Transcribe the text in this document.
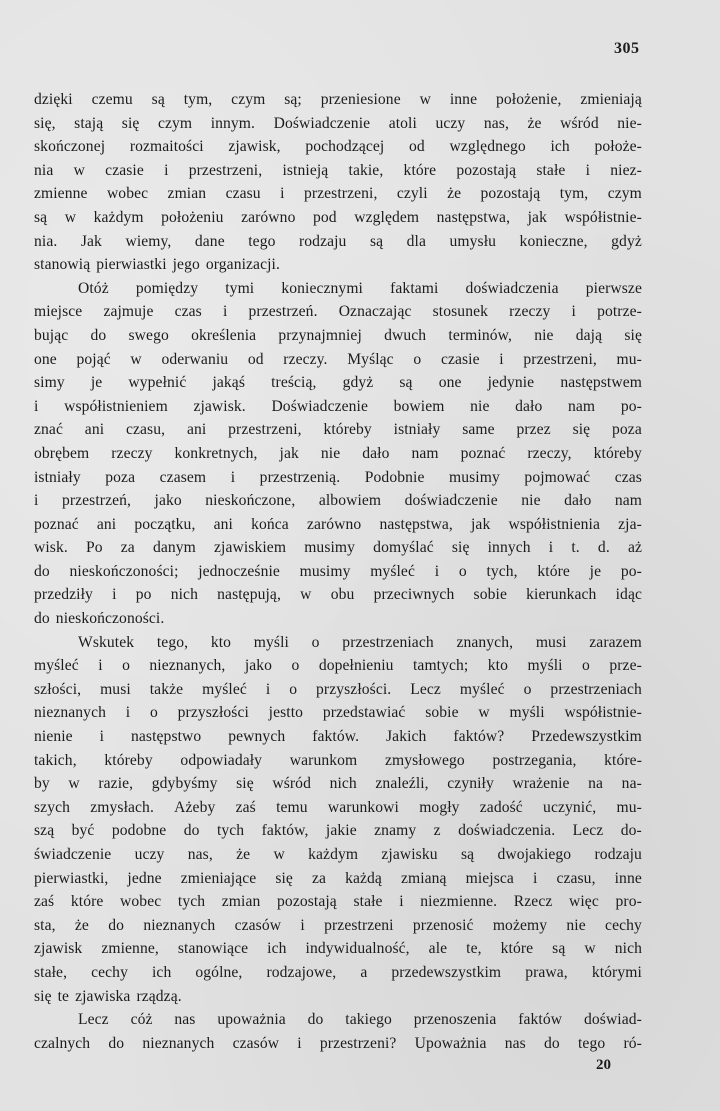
305
dzięki czemu są tym, czym są; przeniesione w inne położenie, zmieniają
się, stają się czym innym. Doświadczenie atoli uczy nas, że wśród nie-
skończonej rozmaitości zjawisk, pochodzącej od względnego ich położe-
nia w czasie i przestrzeni, istnieją takie, które pozostają stałe i niez-
zmienne wobec zmian czasu i przestrzeni, czyli że pozostają tym, czym
są w każdym położeniu zarówno pod względem następstwa, jak współistnie-
nia. Jak wiemy, dane tego rodzaju są dla umysłu konieczne, gdyż
stanowią pierwiastki jego organizacji.
Otóż pomiędzy tymi koniecznymi faktami doświadczenia pierwsze
miejsce zajmuje czas i przestrzeń. Oznaczając stosunek rzeczy i potrze-
bując do swego określenia przynajmniej dwuch terminów, nie dają się
one pojąć w oderwaniu od rzeczy. Myśląc o czasie i przestrzeni, mu-
simy je wypełnić jakąś treścią, gdyż są one jedynie następstwem
i współistnieniem zjawisk. Doświadczenie bowiem nie dało nam po-
znać ani czasu, ani przestrzeni, któreby istniały same przez się poza
obrębem rzeczy konkretnych, jak nie dało nam poznać rzeczy, któreby
istniały poza czasem i przestrzenią. Podobnie musimy pojmować czas
i przestrzeń, jako nieskończone, albowiem doświadczenie nie dało nam
poznać ani początku, ani końca zarówno następstwa, jak współistnienia zja-
wisk. Po za danym zjawiskiem musimy domyślać się innych i t. d. aż
do nieskończoności; jednocześnie musimy myśleć i o tych, które je po-
przedziły i po nich następują, w obu przeciwnych sobie kierunkach idąc
do nieskończoności.
Wskutek tego, kto myśli o przestrzeniach znanych, musi zarazem
myśleć i o nieznanych, jako o dopełnieniu tamtych; kto myśli o prze-
szłości, musi także myśleć i o przyszłości. Lecz myśleć o przestrzeniach
nieznanych i o przyszłości jestto przedstawiać sobie w myśli współistnie-
nienie i następstwo pewnych faktów. Jakich faktów? Przedewszystkim
takich, któreby odpowiadały warunkom zmysłowego postrzegania, które-
by w razie, gdybyśmy się wśród nich znaleźli, czyniły wrażenie na na-
szych zmysłach. Ażeby zaś temu warunkowi mogły zadość uczynić, mu-
szą być podobne do tych faktów, jakie znamy z doświadczenia. Lecz do-
świadczenie uczy nas, że w każdym zjawisku są dwojakiego rodzaju
pierwiastki, jedne zmieniające się za każdą zmianą miejsca i czasu, inne
zaś które wobec tych zmian pozostają stałe i niezmienne. Rzecz więc pro-
sta, że do nieznanych czasów i przestrzeni przenosić możemy nie cechy
zjawisk zmienne, stanowiące ich indywidualność, ale te, które są w nich
stałe, cechy ich ogólne, rodzajowe, a przedewszystkim prawa, którymi
się te zjawiska rządzą.
Lecz cóż nas upoważnia do takiego przenoszenia faktów doświad-
czalnych do nieznanych czasów i przestrzeni? Upoważnia nas do tego ró-
20
